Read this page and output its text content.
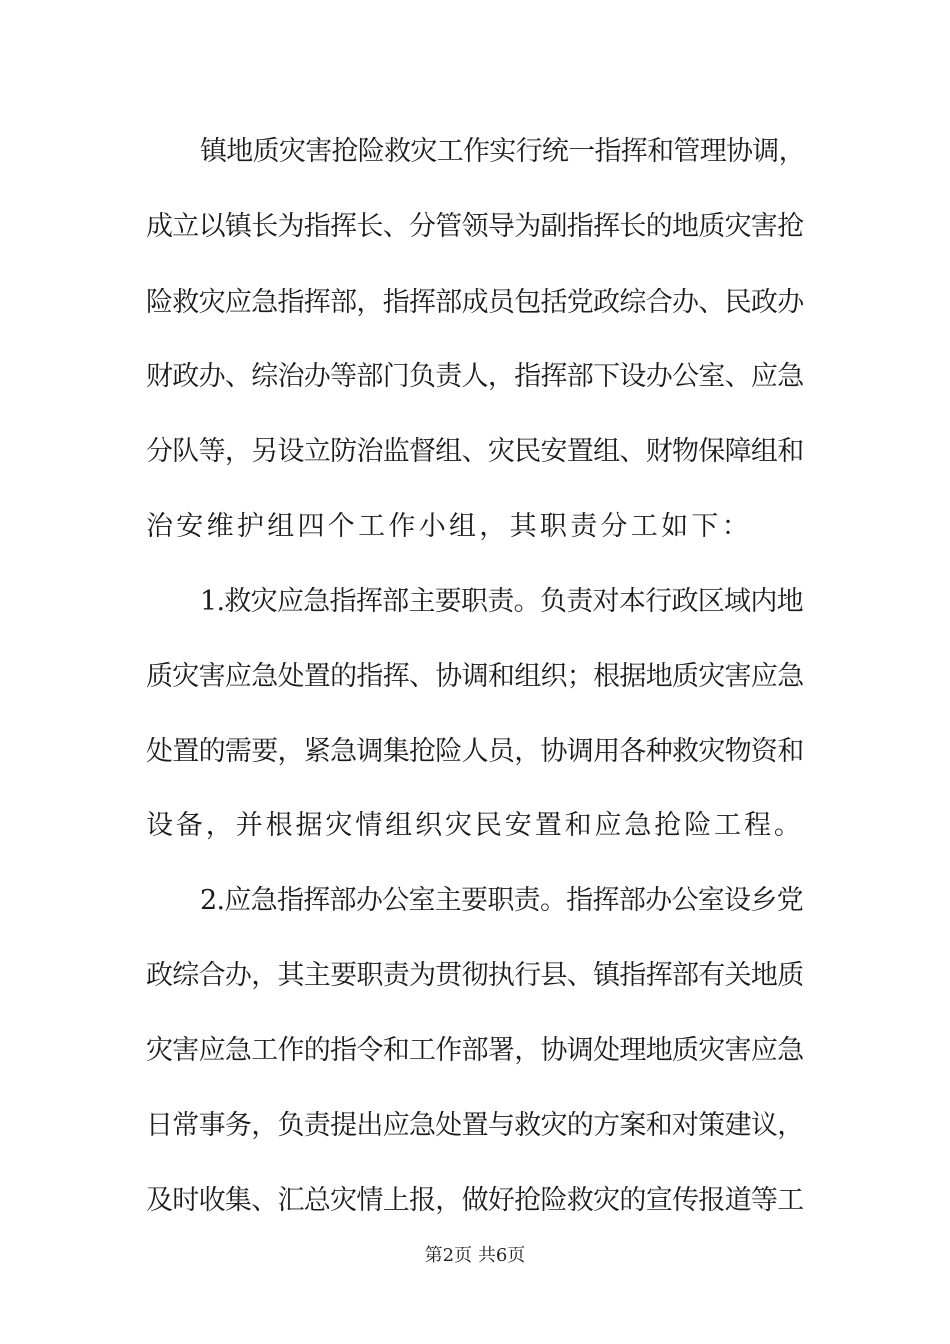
镇地质灾害抢险救灾工作实行统一指挥和管理协调，
成立以镇长为指挥长、分管领导为副指挥长的地质灾害抢
险救灾应急指挥部，指挥部成员包括党政综合办、民政办
财政办、综治办等部门负责人，指挥部下设办公室、应急
分队等，另设立防治监督组、灾民安置组、财物保障组和
治安维护组四个工作小组，其职责分工如下：
1.救灾应急指挥部主要职责。负责对本行政区域内地
质灾害应急处置的指挥、协调和组织；根据地质灾害应急
处置的需要，紧急调集抢险人员，协调用各种救灾物资和
设备，并根据灾情组织灾民安置和应急抢险工程。
2.应急指挥部办公室主要职责。指挥部办公室设乡党
政综合办，其主要职责为贯彻执行县、镇指挥部有关地质
灾害应急工作的指令和工作部署，协调处理地质灾害应急
日常事务，负责提出应急处置与救灾的方案和对策建议，
及时收集、汇总灾情上报，做好抢险救灾的宣传报道等工
第2页 共6页
